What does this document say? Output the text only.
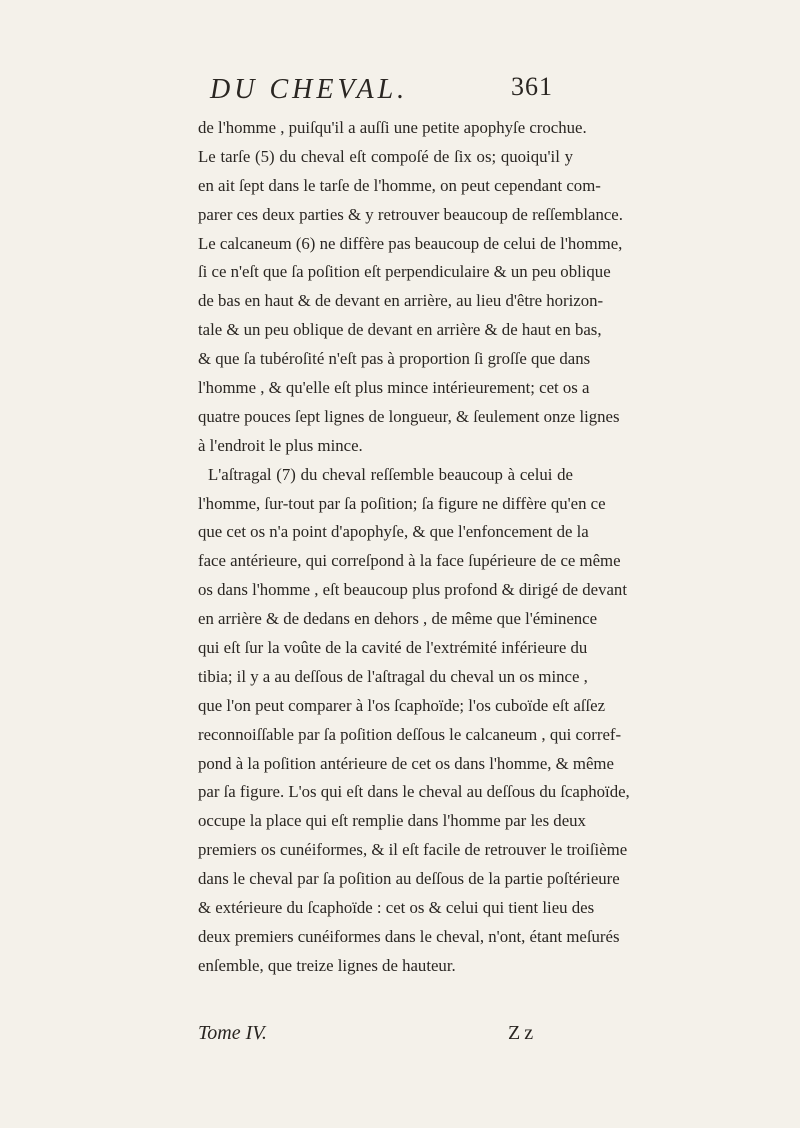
DU CHEVAL.	361
de l'homme , puiſqu'il a auſſi une petite apophyſe crochue.
Le tarſe (5) du cheval eſt compoſé de ſix os; quoiqu'il y
en ait ſept dans le tarſe de l'homme, on peut cependant com-
parer ces deux parties & y retrouver beaucoup de reſſemblance.
Le calcaneum (6) ne diffère pas beaucoup de celui de l'homme,
ſi ce n'eſt que ſa poſition eſt perpendiculaire & un peu oblique
de bas en haut & de devant en arrière, au lieu d'être horizon-
tale & un peu oblique de devant en arrière & de haut en bas,
& que ſa tubéroſité n'eſt pas à proportion ſi groſſe que dans
l'homme , & qu'elle eſt plus mince intérieurement; cet os a
quatre pouces ſept lignes de longueur, & ſeulement onze lignes
à l'endroit le plus mince.
L'aſtragal (7) du cheval reſſemble beaucoup à celui de
l'homme, ſur-tout par ſa poſition; ſa figure ne diffère qu'en ce
que cet os n'a point d'apophyſe, & que l'enfoncement de la
face antérieure, qui correſpond à la face ſupérieure de ce même
os dans l'homme , eſt beaucoup plus profond & dirigé de devant
en arrière & de dedans en dehors , de même que l'éminence
qui eſt ſur la voûte de la cavité de l'extrémité inférieure du
tibia; il y a au deſſous de l'aſtragal du cheval un os mince ,
que l'on peut comparer à l'os ſcaphoïde; l'os cuboïde eſt aſſez
reconnoiſſable par ſa poſition deſſous le calcaneum , qui corref-
pond à la poſition antérieure de cet os dans l'homme, & même
par ſa figure. L'os qui eſt dans le cheval au deſſous du ſcaphoïde,
occupe la place qui eſt remplie dans l'homme par les deux
premiers os cunéiformes, & il eſt facile de retrouver le troiſième
dans le cheval par ſa poſition au deſſous de la partie poſtérieure
& extérieure du ſcaphoïde : cet os & celui qui tient lieu des
deux premiers cunéiformes dans le cheval, n'ont, étant meſurés
enſemble, que treize lignes de hauteur.
Tome IV.	Zz
